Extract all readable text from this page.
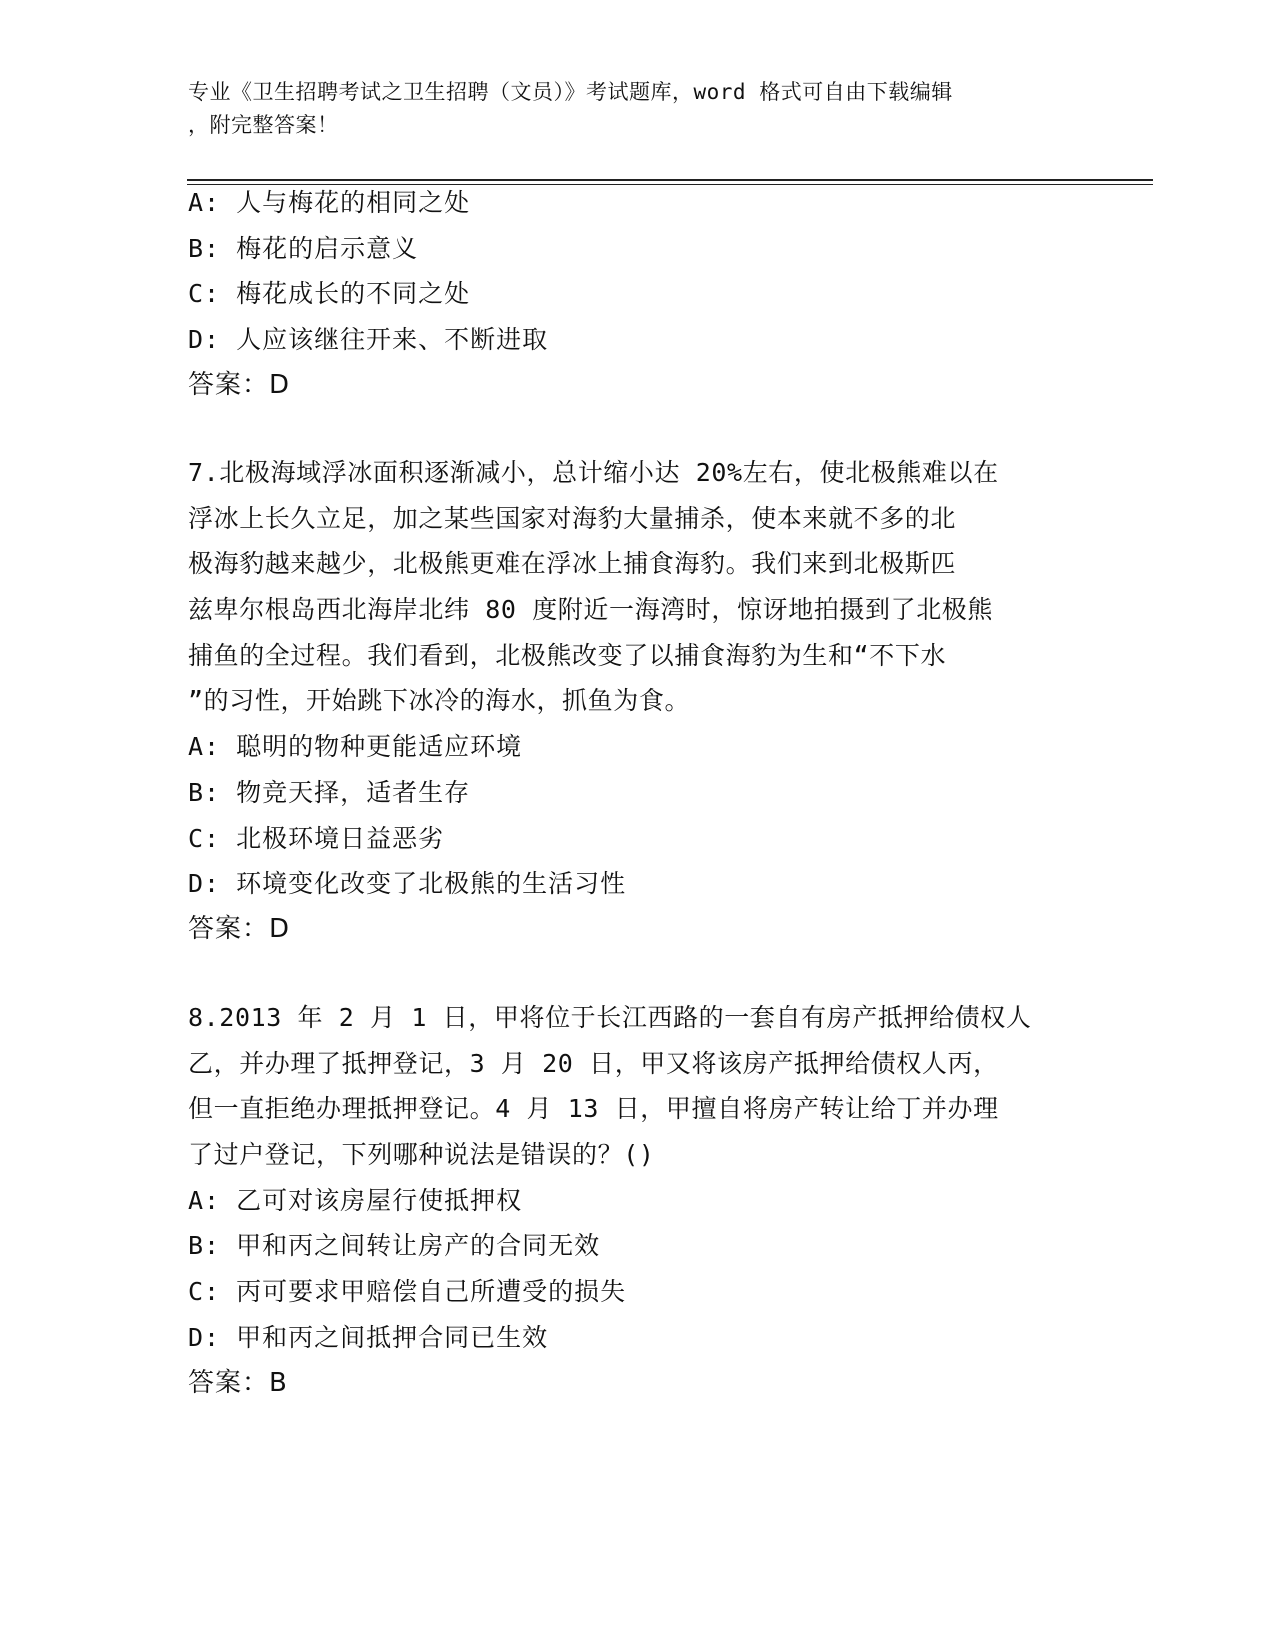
专业《卫生招聘考试之卫生招聘（文员）》考试题库，word 格式可自由下载编辑
，附完整答案！
A: 人与梅花的相同之处
B: 梅花的启示意义
C: 梅花成长的不同之处
D: 人应该继往开来、不断进取
答案：D
7.北极海域浮冰面积逐渐减小，总计缩小达 20%左右，使北极熊难以在
浮冰上长久立足，加之某些国家对海豹大量捕杀，使本来就不多的北
极海豹越来越少，北极熊更难在浮冰上捕食海豹。我们来到北极斯匹
兹卑尔根岛西北海岸北纬 80 度附近一海湾时，惊讶地拍摄到了北极熊
捕鱼的全过程。我们看到，北极熊改变了以捕食海豹为生和“不下水
”的习性，开始跳下冰冷的海水，抓鱼为食。
A: 聪明的物种更能适应环境
B: 物竞天择，适者生存
C: 北极环境日益恶劣
D: 环境变化改变了北极熊的生活习性
答案：D
8.2013 年 2 月 1 日，甲将位于长江西路的一套自有房产抵押给债权人
乙，并办理了抵押登记，3 月 20 日，甲又将该房产抵押给债权人丙，
但一直拒绝办理抵押登记。4 月 13 日，甲擅自将房产转让给丁并办理
了过户登记，下列哪种说法是错误的？()
A: 乙可对该房屋行使抵押权
B: 甲和丙之间转让房产的合同无效
C: 丙可要求甲赔偿自己所遭受的损失
D: 甲和丙之间抵押合同已生效
答案：B
